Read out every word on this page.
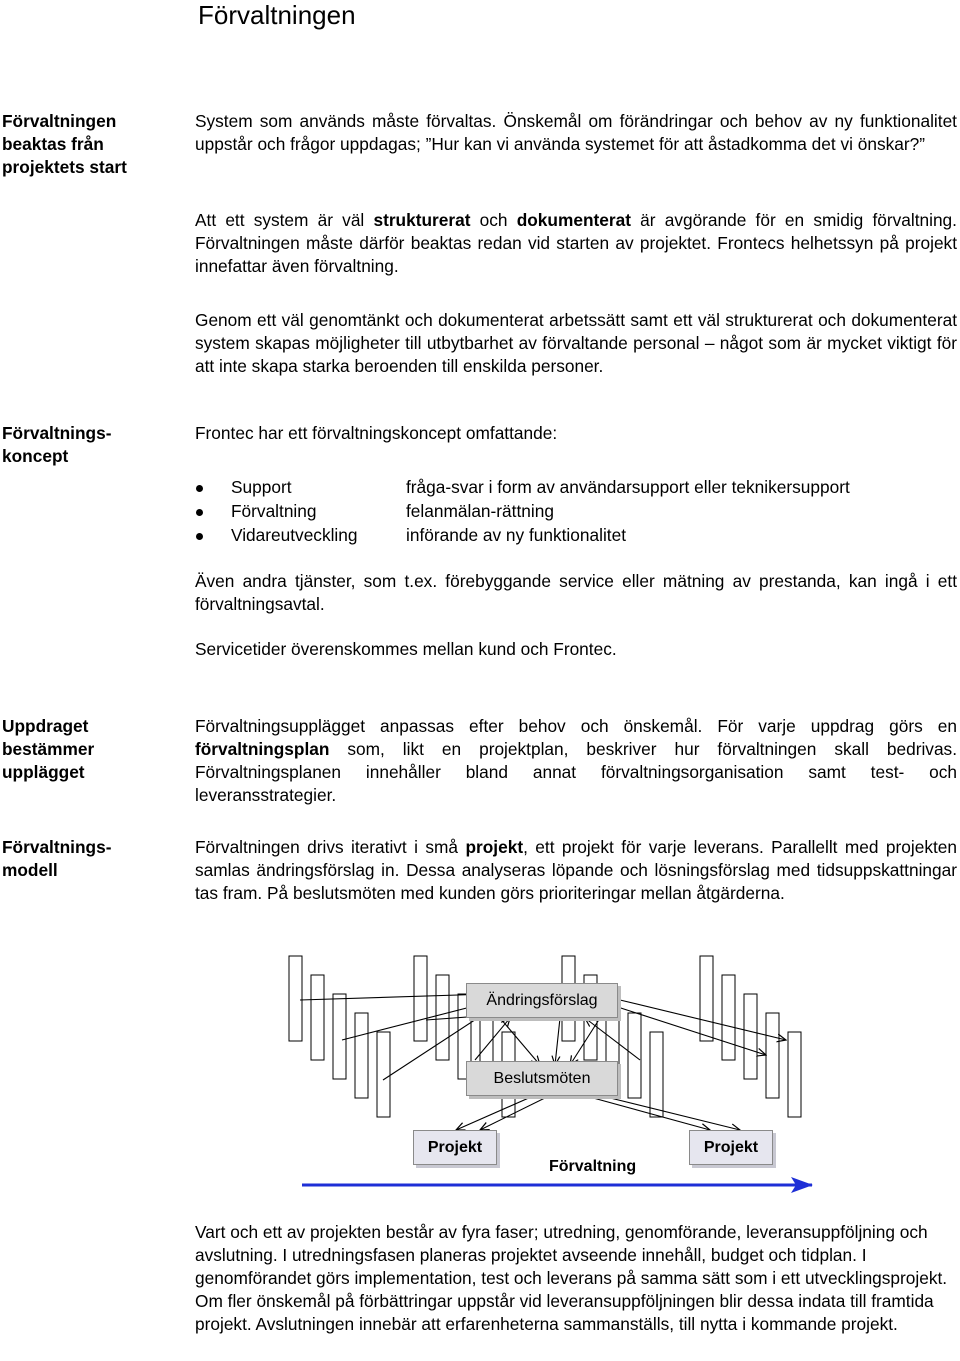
Förvaltningen
Förvaltningen
beaktas från
projektets start
System som används måste förvaltas. Önskemål om förändringar och behov av ny funktionalitet uppstår och frågor uppdagas; ”Hur kan vi använda systemet för att åstadkomma det vi önskar?”
Att ett system är väl strukturerat och dokumenterat är avgörande för en smidig förvaltning. Förvaltningen måste därför beaktas redan vid starten av projektet. Frontecs helhetssyn på projekt innefattar även förvaltning.
Genom ett väl genomtänkt och dokumenterat arbetssätt samt ett väl strukturerat och dokumenterat system skapas möjligheter till utbytbarhet av förvaltande personal – något som är mycket viktigt för att inte skapa starka beroenden till enskilda personer.
Förvaltnings-
koncept
Frontec har ett förvaltningskoncept omfattande:
Support	fråga-svar i form av användarsupport eller teknikersupport
Förvaltning	felanmälan-rättning
Vidareutveckling	införande av ny funktionalitet
Även andra tjänster, som t.ex. förebyggande service eller mätning av prestanda, kan ingå i ett förvaltningsavtal.
Servicetider överenskommes mellan kund och Frontec.
Uppdraget
bestämmer
upplägget
Förvaltningsupplägget anpassas efter behov och önskemål. För varje uppdrag görs en förvaltningsplan som, likt en projektplan, beskriver hur förvaltningen skall bedrivas. Förvaltningsplanen innehåller bland annat förvaltningsorganisation samt test- och leveransstrategier.
Förvaltnings-
modell
Förvaltningen drivs iterativt i små projekt, ett projekt för varje leverans. Parallellt med projekten samlas ändringsförslag in. Dessa analyseras löpande och lösningsförslag med tidsuppskattningar tas fram. På beslutsmöten med kunden görs prioriteringar mellan åtgärderna.
Ändringsförslag
Beslutsmöten
Projekt	Projekt
Förvaltning
Vart och ett av projekten består av fyra faser; utredning, genomförande, leveransuppföljning och avslutning. I utredningsfasen planeras projektet avseende innehåll, budget och tidplan. I genomförandet görs implementation, test och leverans på samma sätt som i ett utvecklingsprojekt. Om fler önskemål på förbättringar uppstår vid leveransuppföljningen blir dessa indata till framtida projekt. Avslutningen innebär att erfarenheterna sammanställs, till nytta i kommande projekt.
